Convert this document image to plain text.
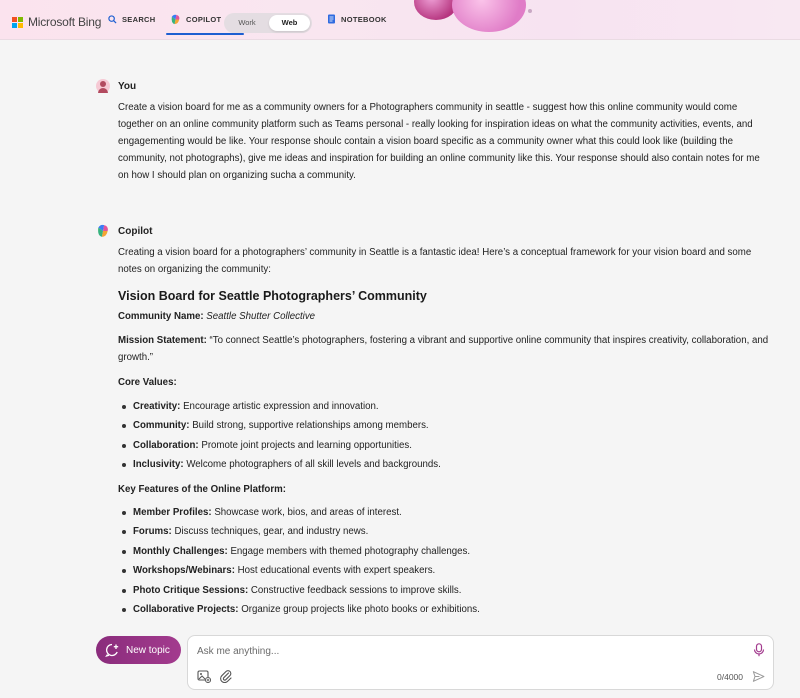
Microsoft Bing	SEARCH	COPILOT	Work	Web	NOTEBOOK
You
Create a vision board for me as a community owners for a Photographers community in seattle - suggest how this online community would come together on an online community platform such as Teams personal - really looking for inspiration ideas on what the community activities, events, and engagementing would be like. Your response shoulc contain a vision board specific as a community owner what this could look like (building the community, not photographs), give me ideas and inspiration for building an online community like this. Your response should also contain notes for me on how I should plan on organizing sucha a community.
Copilot
Creating a vision board for a photographers’ community in Seattle is a fantastic idea! Here’s a conceptual framework for your vision board and some notes on organizing the community:
Vision Board for Seattle Photographers’ Community
Community Name: Seattle Shutter Collective
Mission Statement: “To connect Seattle’s photographers, fostering a vibrant and supportive online community that inspires creativity, collaboration, and growth.”
Core Values:
Creativity: Encourage artistic expression and innovation.
Community: Build strong, supportive relationships among members.
Collaboration: Promote joint projects and learning opportunities.
Inclusivity: Welcome photographers of all skill levels and backgrounds.
Key Features of the Online Platform:
Member Profiles: Showcase work, bios, and areas of interest.
Forums: Discuss techniques, gear, and industry news.
Monthly Challenges: Engage members with themed photography challenges.
Workshops/Webinars: Host educational events with expert speakers.
Photo Critique Sessions: Constructive feedback sessions to improve skills.
Collaborative Projects: Organize group projects like photo books or exhibitions.
New topic
Ask me anything...
0/4000
